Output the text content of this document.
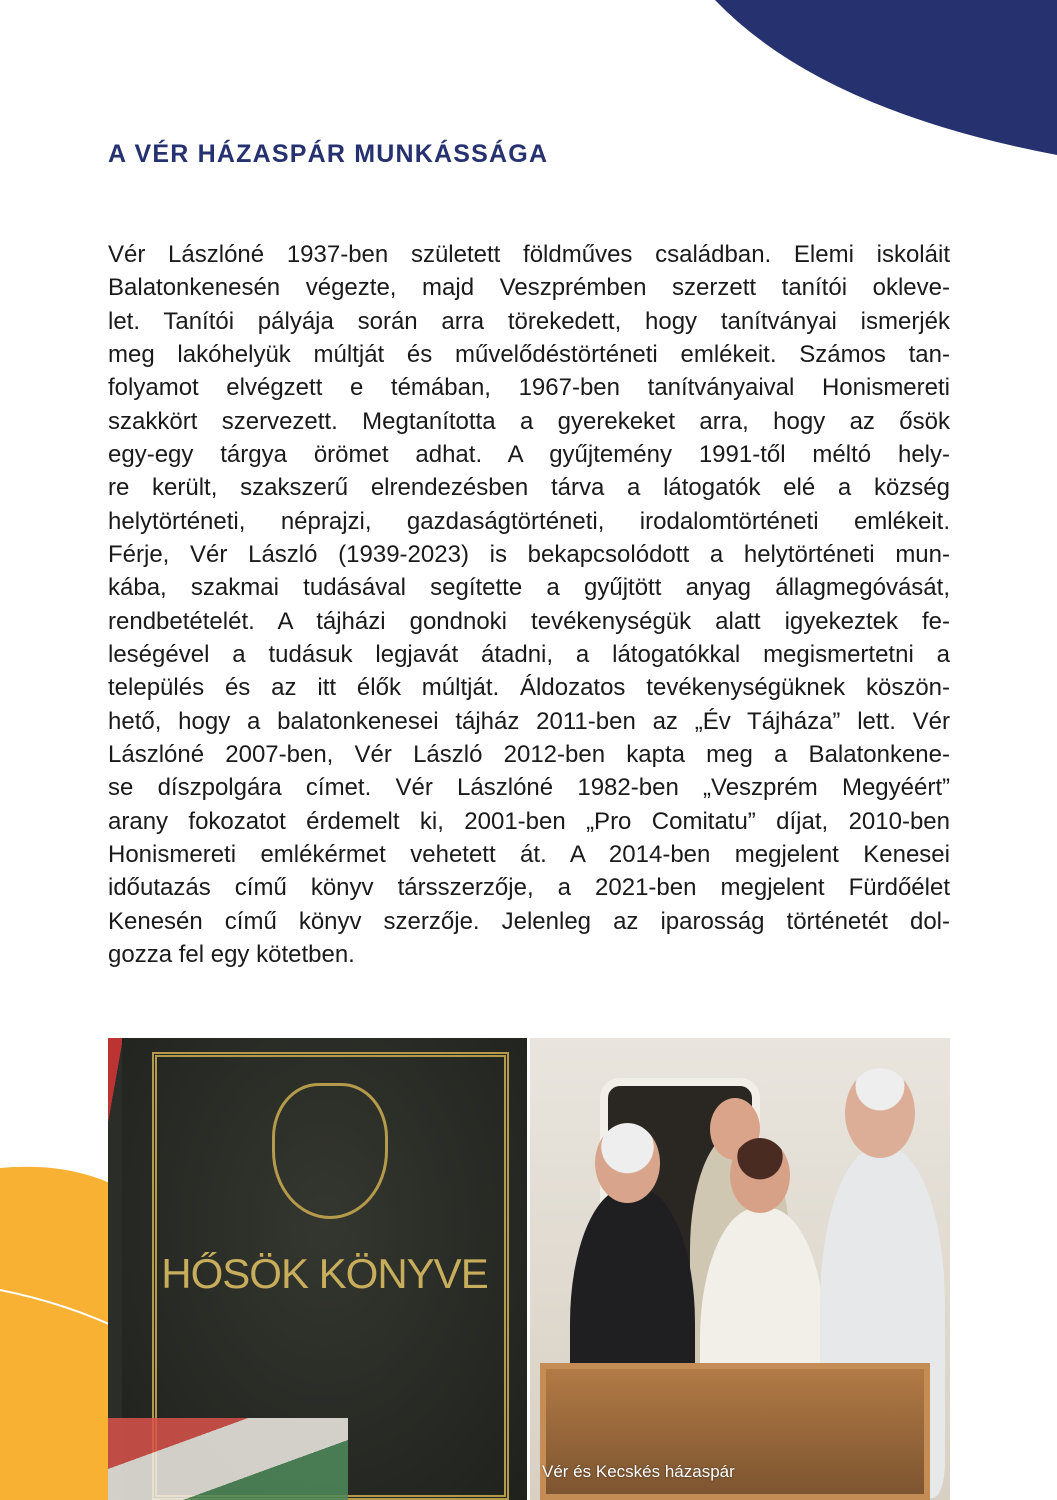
A VÉR HÁZASPÁR MUNKÁSSÁGA
Vér Lászlóné 1937-ben született földműves családban. Elemi iskoláit
Balatonkenesén végezte, majd Veszprémben szerzett tanítói okleve-
let. Tanítói pályája során arra törekedett, hogy tanítványai ismerjék
meg lakóhelyük múltját és művelődéstörténeti emlékeit. Számos tan-
folyamot elvégzett e témában, 1967-ben tanítványaival Honismereti
szakkört szervezett. Megtanította a gyerekeket arra, hogy az ősök
egy-egy tárgya örömet adhat. A gyűjtemény 1991-től méltó hely-
re került, szakszerű elrendezésben tárva a látogatók elé a község
helytörténeti, néprajzi, gazdaságtörténeti, irodalomtörténeti emlékeit.
Férje, Vér László (1939-2023) is bekapcsolódott a helytörténeti mun-
kába, szakmai tudásával segítette a gyűjtött anyag állagmegóvását,
rendbetételét. A tájházi gondnoki tevékenységük alatt igyekeztek fe-
leségével a tudásuk legjavát átadni, a látogatókkal megismertetni a
település és az itt élők múltját. Áldozatos tevékenységüknek köszön-
hető, hogy a balatonkenesei tájház 2011-ben az „Év Tájháza” lett. Vér
Lászlóné 2007-ben, Vér László 2012-ben kapta meg a Balatonkene-
se díszpolgára címet. Vér Lászlóné 1982-ben „Veszprém Megyéért”
arany fokozatot érdemelt ki, 2001-ben „Pro Comitatu” díjat, 2010-ben
Honismereti emlékérmet vehetett át. A 2014-ben megjelent Kenesei
időutazás című könyv társszerzője, a 2021-ben megjelent Fürdőélet
Kenesén című könyv szerzője. Jelenleg az iparosság történetét dol-
gozza fel egy kötetben.
HŐSÖK KÖNYVE
Vér és Kecskés házaspár
